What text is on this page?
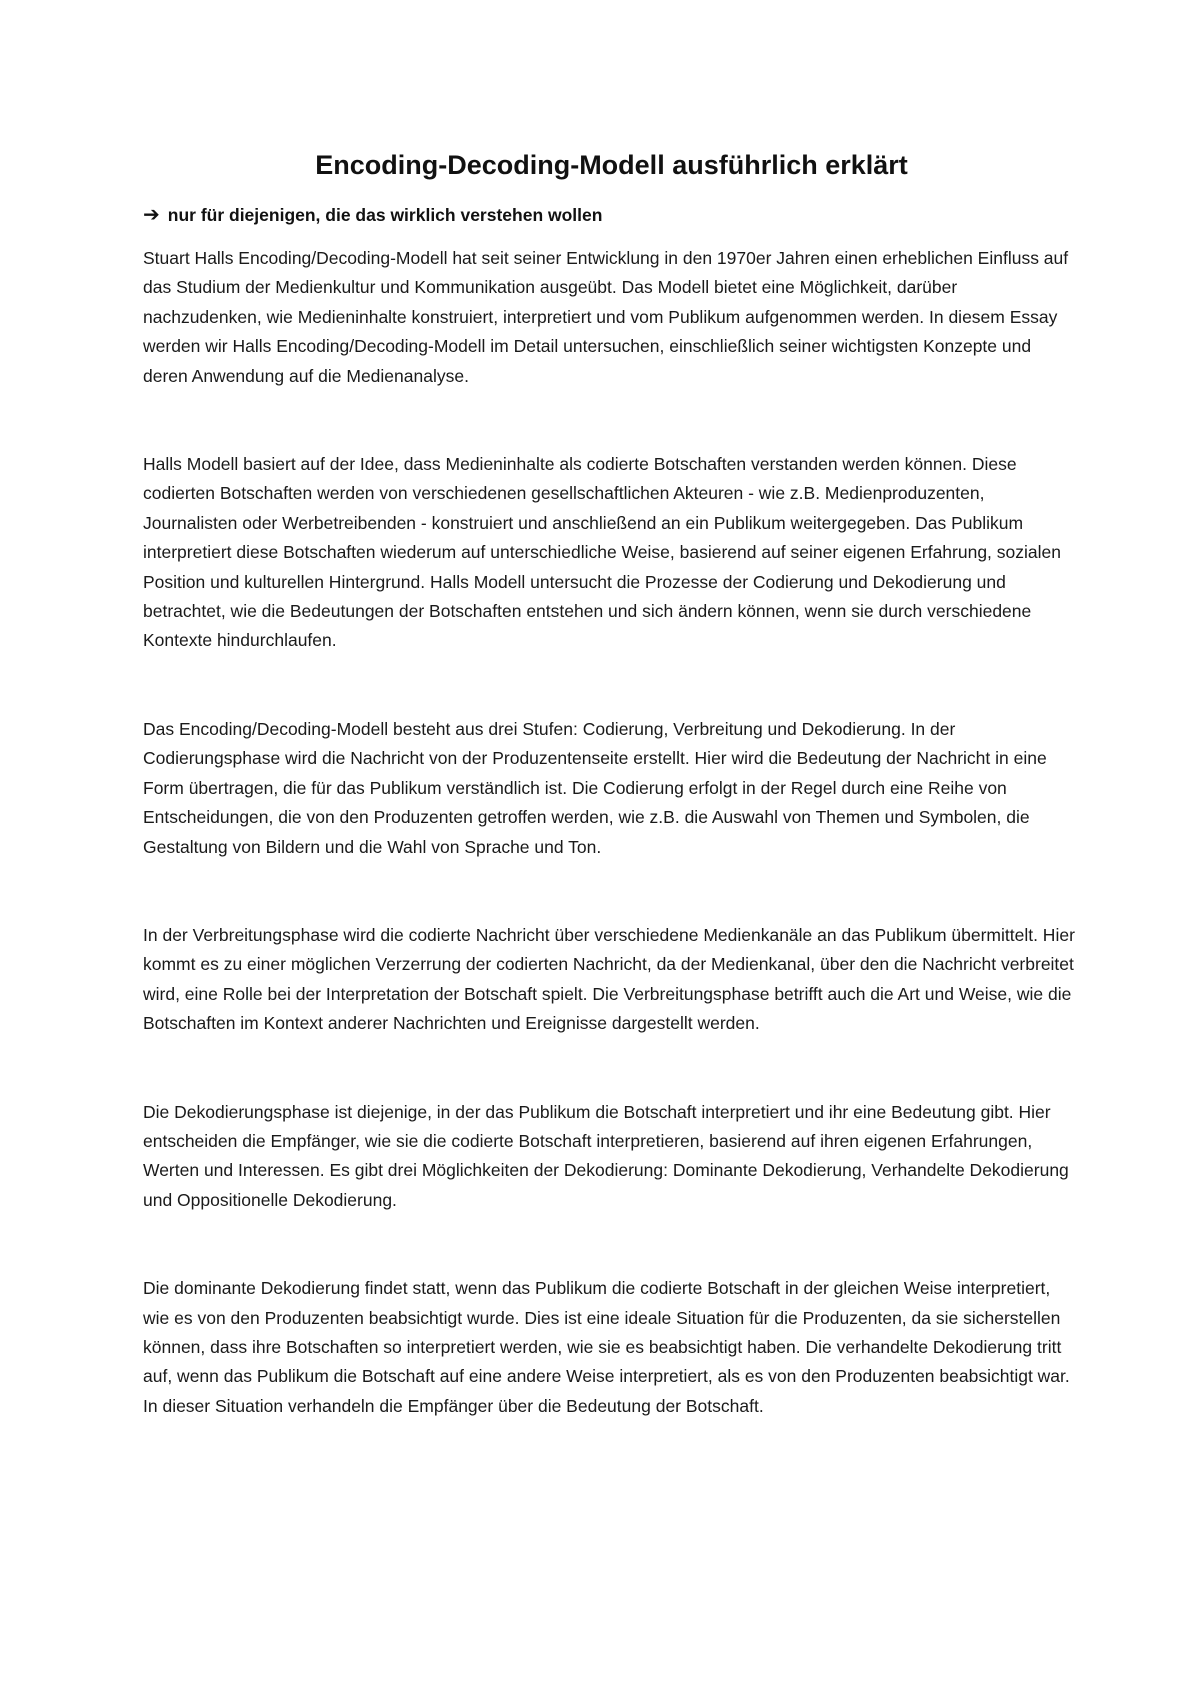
Encoding-Decoding-Modell ausführlich erklärt
➔ nur für diejenigen, die das wirklich verstehen wollen

Stuart Halls Encoding/Decoding-Modell hat seit seiner Entwicklung in den 1970er Jahren einen erheblichen Einfluss auf das Studium der Medienkultur und Kommunikation ausgeübt. Das Modell bietet eine Möglichkeit, darüber nachzudenken, wie Medieninhalte konstruiert, interpretiert und vom Publikum aufgenommen werden. In diesem Essay werden wir Halls Encoding/Decoding-Modell im Detail untersuchen, einschließlich seiner wichtigsten Konzepte und deren Anwendung auf die Medienanalyse.

Halls Modell basiert auf der Idee, dass Medieninhalte als codierte Botschaften verstanden werden können. Diese codierten Botschaften werden von verschiedenen gesellschaftlichen Akteuren - wie z.B. Medienproduzenten, Journalisten oder Werbetreibenden - konstruiert und anschließend an ein Publikum weitergegeben. Das Publikum interpretiert diese Botschaften wiederum auf unterschiedliche Weise, basierend auf seiner eigenen Erfahrung, sozialen Position und kulturellen Hintergrund. Halls Modell untersucht die Prozesse der Codierung und Dekodierung und betrachtet, wie die Bedeutungen der Botschaften entstehen und sich ändern können, wenn sie durch verschiedene Kontexte hindurchlaufen.

Das Encoding/Decoding-Modell besteht aus drei Stufen: Codierung, Verbreitung und Dekodierung. In der Codierungsphase wird die Nachricht von der Produzentenseite erstellt. Hier wird die Bedeutung der Nachricht in eine Form übertragen, die für das Publikum verständlich ist. Die Codierung erfolgt in der Regel durch eine Reihe von Entscheidungen, die von den Produzenten getroffen werden, wie z.B. die Auswahl von Themen und Symbolen, die Gestaltung von Bildern und die Wahl von Sprache und Ton.

In der Verbreitungsphase wird die codierte Nachricht über verschiedene Medienkanäle an das Publikum übermittelt. Hier kommt es zu einer möglichen Verzerrung der codierten Nachricht, da der Medienkanal, über den die Nachricht verbreitet wird, eine Rolle bei der Interpretation der Botschaft spielt. Die Verbreitungsphase betrifft auch die Art und Weise, wie die Botschaften im Kontext anderer Nachrichten und Ereignisse dargestellt werden.

Die Dekodierungsphase ist diejenige, in der das Publikum die Botschaft interpretiert und ihr eine Bedeutung gibt. Hier entscheiden die Empfänger, wie sie die codierte Botschaft interpretieren, basierend auf ihren eigenen Erfahrungen, Werten und Interessen. Es gibt drei Möglichkeiten der Dekodierung: Dominante Dekodierung, Verhandelte Dekodierung und Oppositionelle Dekodierung.

Die dominante Dekodierung findet statt, wenn das Publikum die codierte Botschaft in der gleichen Weise interpretiert, wie es von den Produzenten beabsichtigt wurde. Dies ist eine ideale Situation für die Produzenten, da sie sicherstellen können, dass ihre Botschaften so interpretiert werden, wie sie es beabsichtigt haben. Die verhandelte Dekodierung tritt auf, wenn das Publikum die Botschaft auf eine andere Weise interpretiert, als es von den Produzenten beabsichtigt war. In dieser Situation verhandeln die Empfänger über die Bedeutung der Botschaft.
